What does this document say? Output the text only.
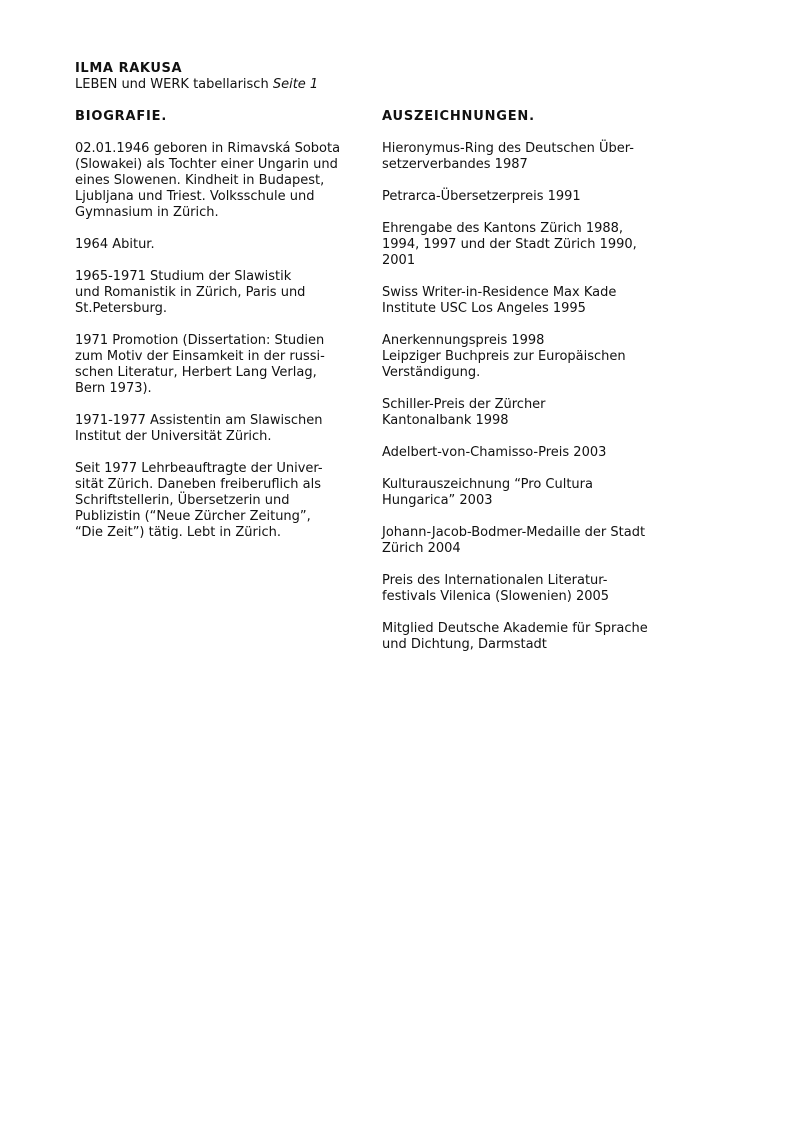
ILMA RAKUSA
LEBEN und WERK tabellarisch Seite 1
BIOGRAFIE.
02.01.1946 geboren in Rimavská Sobota
(Slowakei) als Tochter einer Ungarin und
eines Slowenen. Kindheit in Budapest,
Ljubljana und Triest. Volksschule und
Gymnasium in Zürich.
1964 Abitur.
1965-1971 Studium der Slawistik
und Romanistik in Zürich, Paris und
St.Petersburg.
1971 Promotion (Dissertation: Studien
zum Motiv der Einsamkeit in der russi-
schen Literatur, Herbert Lang Verlag,
Bern 1973).
1971-1977 Assistentin am Slawischen
Institut der Universität Zürich.
Seit 1977 Lehrbeauftragte der Univer-
sität Zürich. Daneben freiberuflich als
Schriftstellerin, Übersetzerin und
Publizistin (“Neue Zürcher Zeitung”,
“Die Zeit”) tätig. Lebt in Zürich.
AUSZEICHNUNGEN.
Hieronymus-Ring des Deutschen Über-
setzerverbandes 1987
Petrarca-Übersetzerpreis 1991
Ehrengabe des Kantons Zürich 1988,
1994, 1997 und der Stadt Zürich 1990,
2001
Swiss Writer-in-Residence Max Kade
Institute USC Los Angeles 1995
Anerkennungspreis 1998
Leipziger Buchpreis zur Europäischen
Verständigung.
Schiller-Preis der Zürcher
Kantonalbank 1998
Adelbert-von-Chamisso-Preis 2003
Kulturauszeichnung “Pro Cultura
Hungarica” 2003
Johann-Jacob-Bodmer-Medaille der Stadt
Zürich 2004
Preis des Internationalen Literatur-
festivals Vilenica (Slowenien) 2005
Mitglied Deutsche Akademie für Sprache
und Dichtung, Darmstadt
